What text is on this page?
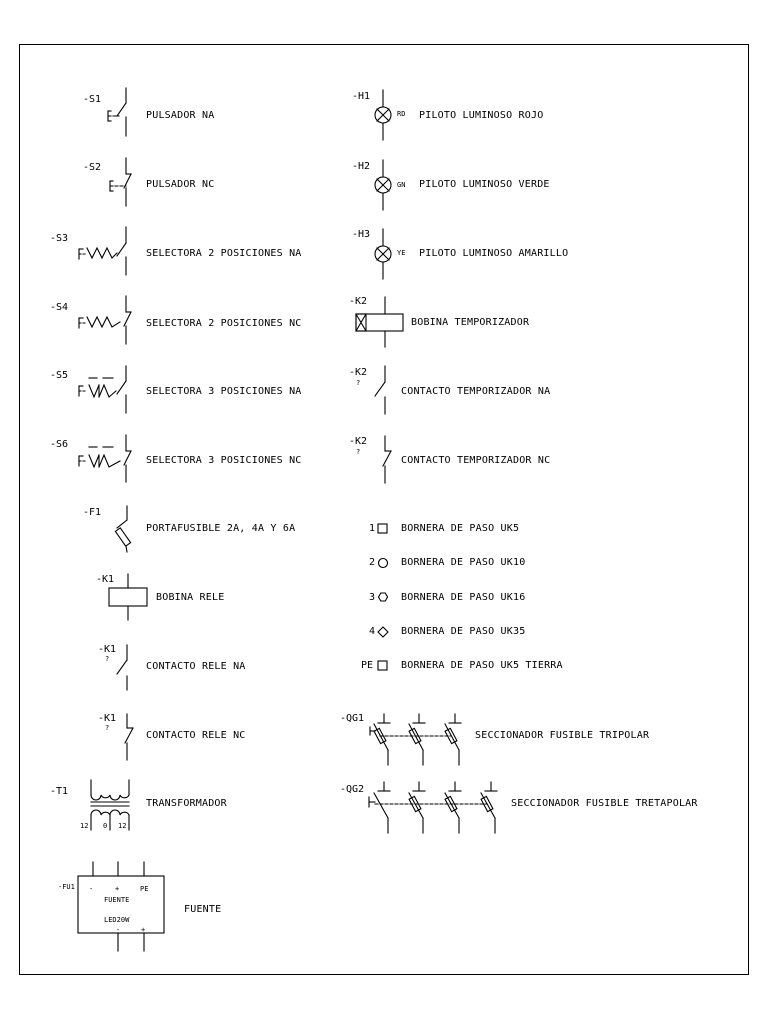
-S1
PULSADOR NA
-S2
PULSADOR NC
-S3
SELECTORA 2 POSICIONES NA
-S4
SELECTORA 2 POSICIONES NC
-S5
SELECTORA 3 POSICIONES NA
-S6
SELECTORA 3 POSICIONES NC
-F1
PORTAFUSIBLE 2A, 4A Y 6A
-K1
BOBINA RELE
-K1
?
CONTACTO RELE NA
-K1
?
CONTACTO RELE NC
-T1
12 0 12
TRANSFORMADOR
-FU1 -	+	PE
FUENTE
LED20W
-	+
FUENTE
-H1
RD PILOTO LUMINOSO ROJO
-H2
GN PILOTO LUMINOSO VERDE
-H3
YE PILOTO LUMINOSO AMARILLO
-K2
BOBINA TEMPORIZADOR
-K2
?
CONTACTO TEMPORIZADOR NA
-K2
?
CONTACTO TEMPORIZADOR NC
1	BORNERA DE PASO UK5
2	BORNERA DE PASO UK10
3	BORNERA DE PASO UK16
4	BORNERA DE PASO UK35
PE	BORNERA DE PASO UK5 TIERRA
-QG1
SECCIONADOR FUSIBLE TRIPOLAR
-QG2
SECCIONADOR FUSIBLE TRETAPOLAR
